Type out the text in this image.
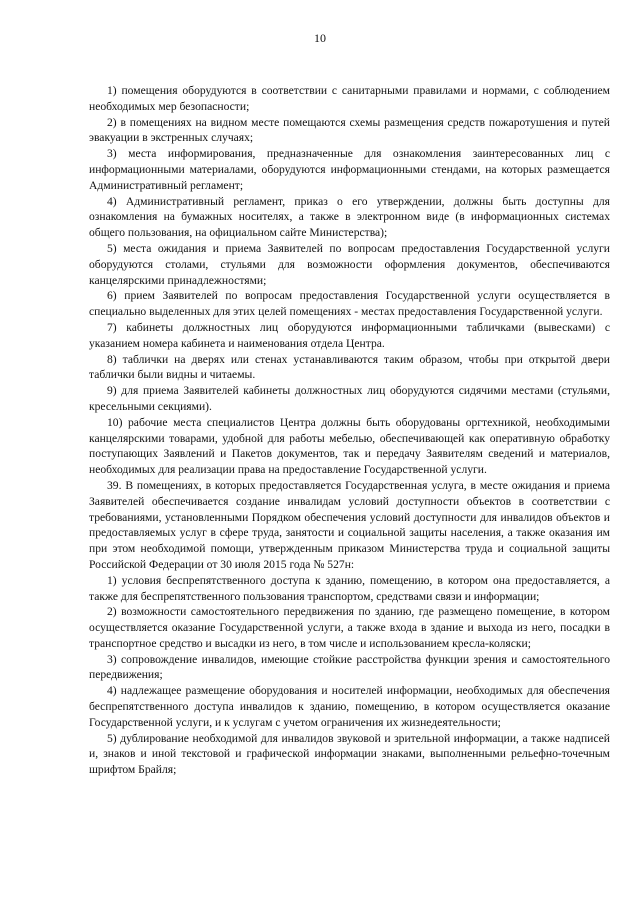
10

1) помещения оборудуются в соответствии с санитарными правилами и нормами, с соблюдением необходимых мер безопасности;

2) в помещениях на видном месте помещаются схемы размещения средств пожаротушения и путей эвакуации в экстренных случаях;

3) места информирования, предназначенные для ознакомления заинтересованных лиц с информационными материалами, оборудуются информационными стендами, на которых размещается Административный регламент;

4) Административный регламент, приказ о его утверждении, должны быть доступны для ознакомления на бумажных носителях, а также в электронном виде (в информационных системах общего пользования, на официальном сайте Министерства);

5) места ожидания и приема Заявителей по вопросам предоставления Государственной услуги оборудуются столами, стульями для возможности оформления документов, обеспечиваются канцелярскими принадлежностями;

6) прием Заявителей по вопросам предоставления Государственной услуги осуществляется в специально выделенных для этих целей помещениях - местах предоставления Государственной услуги.

7) кабинеты должностных лиц оборудуются информационными табличками (вывесками) с указанием номера кабинета и наименования отдела Центра.

8) таблички на дверях или стенах устанавливаются таким образом, чтобы при открытой двери таблички были видны и читаемы.

9) для приема Заявителей кабинеты должностных лиц оборудуются сидячими местами (стульями, кресельными секциями).

10) рабочие места специалистов Центра должны быть оборудованы оргтехникой, необходимыми канцелярскими товарами, удобной для работы мебелью, обеспечивающей как оперативную обработку поступающих Заявлений и Пакетов документов, так и передачу Заявителям сведений и материалов, необходимых для реализации права на предоставление Государственной услуги.

39. В помещениях, в которых предоставляется Государственная услуга, в месте ожидания и приема Заявителей обеспечивается создание инвалидам условий доступности объектов в соответствии с требованиями, установленными Порядком обеспечения условий доступности для инвалидов объектов и предоставляемых услуг в сфере труда, занятости и социальной защиты населения, а также оказания им при этом необходимой помощи, утвержденным приказом Министерства труда и социальной защиты Российской Федерации от 30 июля 2015 года № 527н:

1) условия беспрепятственного доступа к зданию, помещению, в котором она предоставляется, а также для беспрепятственного пользования транспортом, средствами связи и информации;

2) возможности самостоятельного передвижения по зданию, где размещено помещение, в котором осуществляется оказание Государственной услуги, а также входа в здание и выхода из него, посадки в транспортное средство и высадки из него, в том числе и использованием кресла-коляски;

3) сопровождение инвалидов, имеющие стойкие расстройства функции зрения и самостоятельного передвижения;

4) надлежащее размещение оборудования и носителей информации, необходимых для обеспечения беспрепятственного доступа инвалидов к зданию, помещению, в котором осуществляется оказание Государственной услуги, и к услугам с учетом ограничения их жизнедеятельности;

5) дублирование необходимой для инвалидов звуковой и зрительной информации, а также надписей и, знаков и иной текстовой и графической информации знаками, выполненными рельефно-точечным шрифтом Брайля;
